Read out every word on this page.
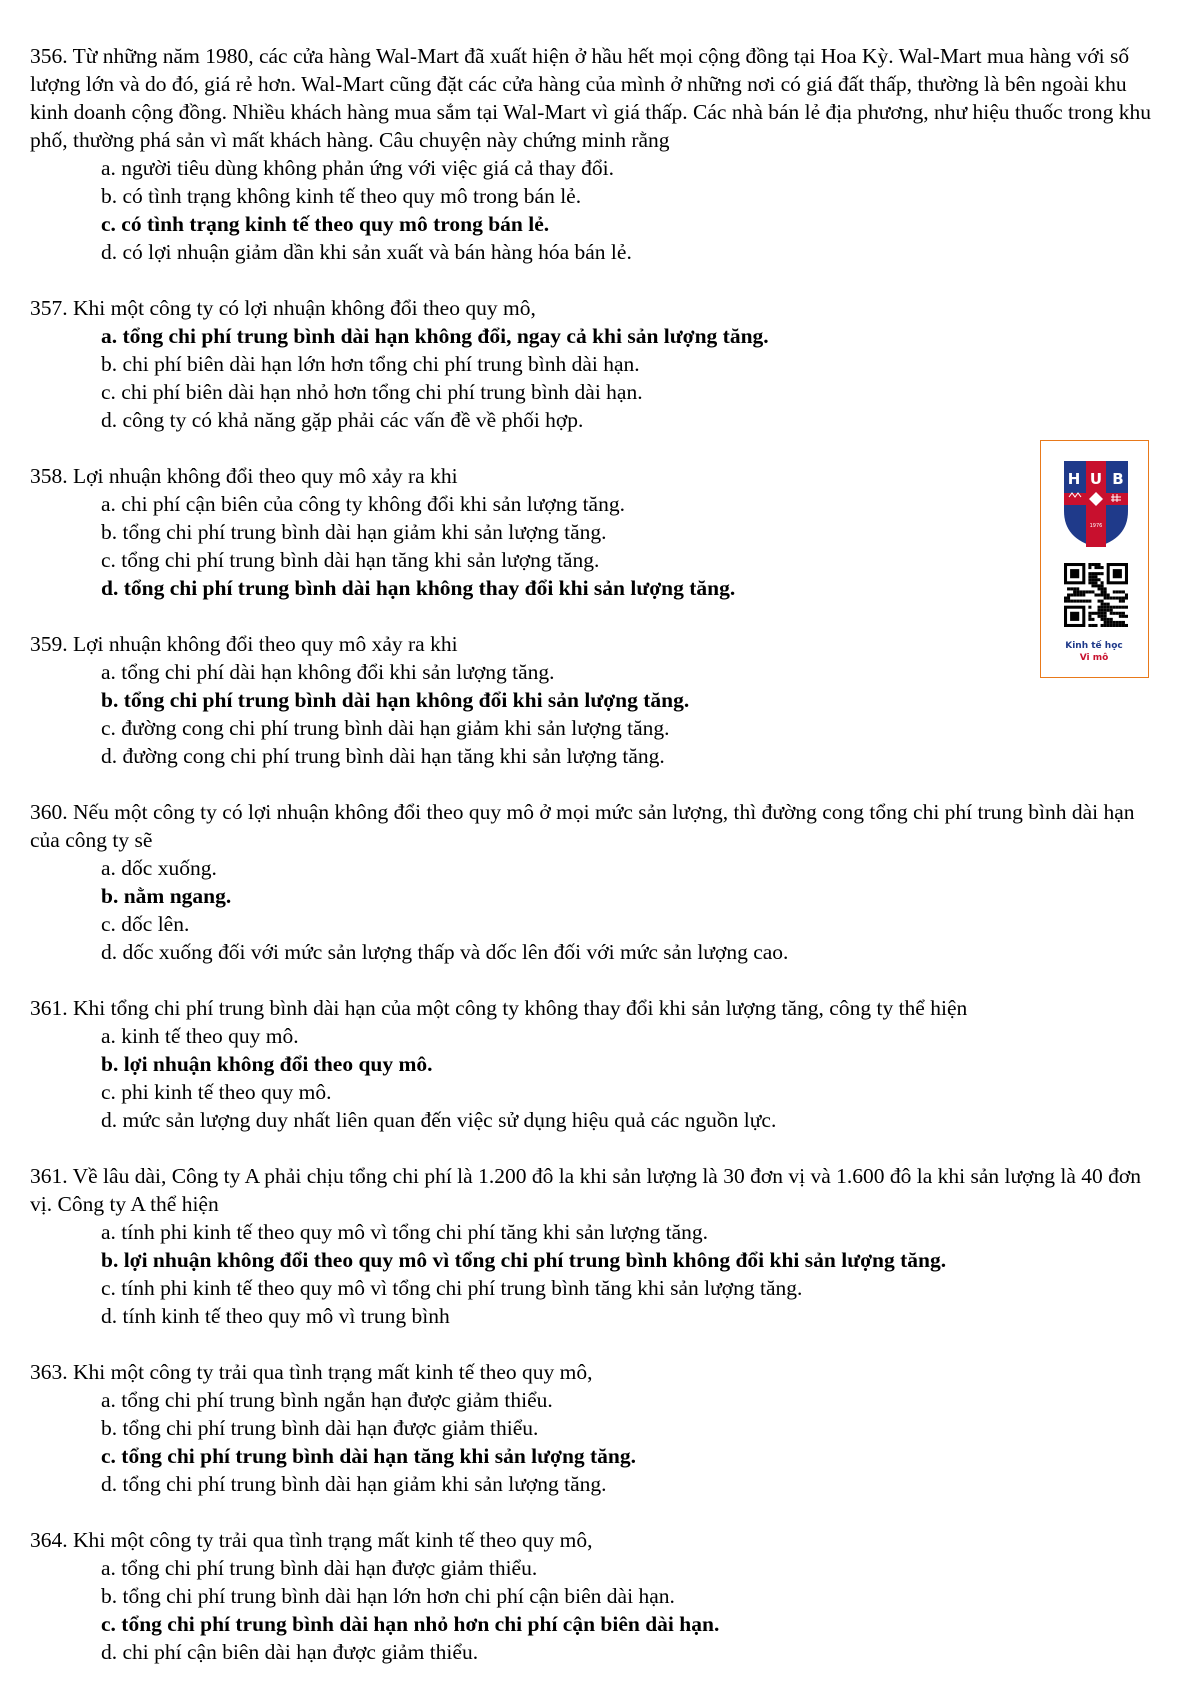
356. Từ những năm 1980, các cửa hàng Wal-Mart đã xuất hiện ở hầu hết mọi cộng đồng tại Hoa Kỳ. Wal-Mart mua hàng với số lượng lớn và do đó, giá rẻ hơn. Wal-Mart cũng đặt các cửa hàng của mình ở những nơi có giá đất thấp, thường là bên ngoài khu kinh doanh cộng đồng. Nhiều khách hàng mua sắm tại Wal-Mart vì giá thấp. Các nhà bán lẻ địa phương, như hiệu thuốc trong khu phố, thường phá sản vì mất khách hàng. Câu chuyện này chứng minh rằng
a. người tiêu dùng không phản ứng với việc giá cả thay đổi.
b. có tình trạng không kinh tế theo quy mô trong bán lẻ.
c. có tình trạng kinh tế theo quy mô trong bán lẻ.
d. có lợi nhuận giảm dần khi sản xuất và bán hàng hóa bán lẻ.
357. Khi một công ty có lợi nhuận không đổi theo quy mô,
a. tổng chi phí trung bình dài hạn không đổi, ngay cả khi sản lượng tăng.
b. chi phí biên dài hạn lớn hơn tổng chi phí trung bình dài hạn.
c. chi phí biên dài hạn nhỏ hơn tổng chi phí trung bình dài hạn.
d. công ty có khả năng gặp phải các vấn đề về phối hợp.
358. Lợi nhuận không đổi theo quy mô xảy ra khi
a. chi phí cận biên của công ty không đổi khi sản lượng tăng.
b. tổng chi phí trung bình dài hạn giảm khi sản lượng tăng.
c. tổng chi phí trung bình dài hạn tăng khi sản lượng tăng.
d. tổng chi phí trung bình dài hạn không thay đổi khi sản lượng tăng.
359. Lợi nhuận không đổi theo quy mô xảy ra khi
a. tổng chi phí dài hạn không đổi khi sản lượng tăng.
b. tổng chi phí trung bình dài hạn không đổi khi sản lượng tăng.
c. đường cong chi phí trung bình dài hạn giảm khi sản lượng tăng.
d. đường cong chi phí trung bình dài hạn tăng khi sản lượng tăng.
360. Nếu một công ty có lợi nhuận không đổi theo quy mô ở mọi mức sản lượng, thì đường cong tổng chi phí trung bình dài hạn của công ty sẽ
a. dốc xuống.
b. nằm ngang.
c. dốc lên.
d. dốc xuống đối với mức sản lượng thấp và dốc lên đối với mức sản lượng cao.
361. Khi tổng chi phí trung bình dài hạn của một công ty không thay đổi khi sản lượng tăng, công ty thể hiện
a. kinh tế theo quy mô.
b. lợi nhuận không đổi theo quy mô.
c. phi kinh tế theo quy mô.
d. mức sản lượng duy nhất liên quan đến việc sử dụng hiệu quả các nguồn lực.
361. Về lâu dài, Công ty A phải chịu tổng chi phí là 1.200 đô la khi sản lượng là 30 đơn vị và 1.600 đô la khi sản lượng là 40 đơn vị. Công ty A thể hiện
a. tính phi kinh tế theo quy mô vì tổng chi phí tăng khi sản lượng tăng.
b. lợi nhuận không đổi theo quy mô vì tổng chi phí trung bình không đổi khi sản lượng tăng.
c. tính phi kinh tế theo quy mô vì tổng chi phí trung bình tăng khi sản lượng tăng.
d. tính kinh tế theo quy mô vì trung bình
363. Khi một công ty trải qua tình trạng mất kinh tế theo quy mô,
a. tổng chi phí trung bình ngắn hạn được giảm thiểu.
b. tổng chi phí trung bình dài hạn được giảm thiểu.
c. tổng chi phí trung bình dài hạn tăng khi sản lượng tăng.
d. tổng chi phí trung bình dài hạn giảm khi sản lượng tăng.
364. Khi một công ty trải qua tình trạng mất kinh tế theo quy mô,
a. tổng chi phí trung bình dài hạn được giảm thiểu.
b. tổng chi phí trung bình dài hạn lớn hơn chi phí cận biên dài hạn.
c. tổng chi phí trung bình dài hạn nhỏ hơn chi phí cận biên dài hạn.
d. chi phí cận biên dài hạn được giảm thiểu.
H U B
1976
Kinh tế học
Vi mô
